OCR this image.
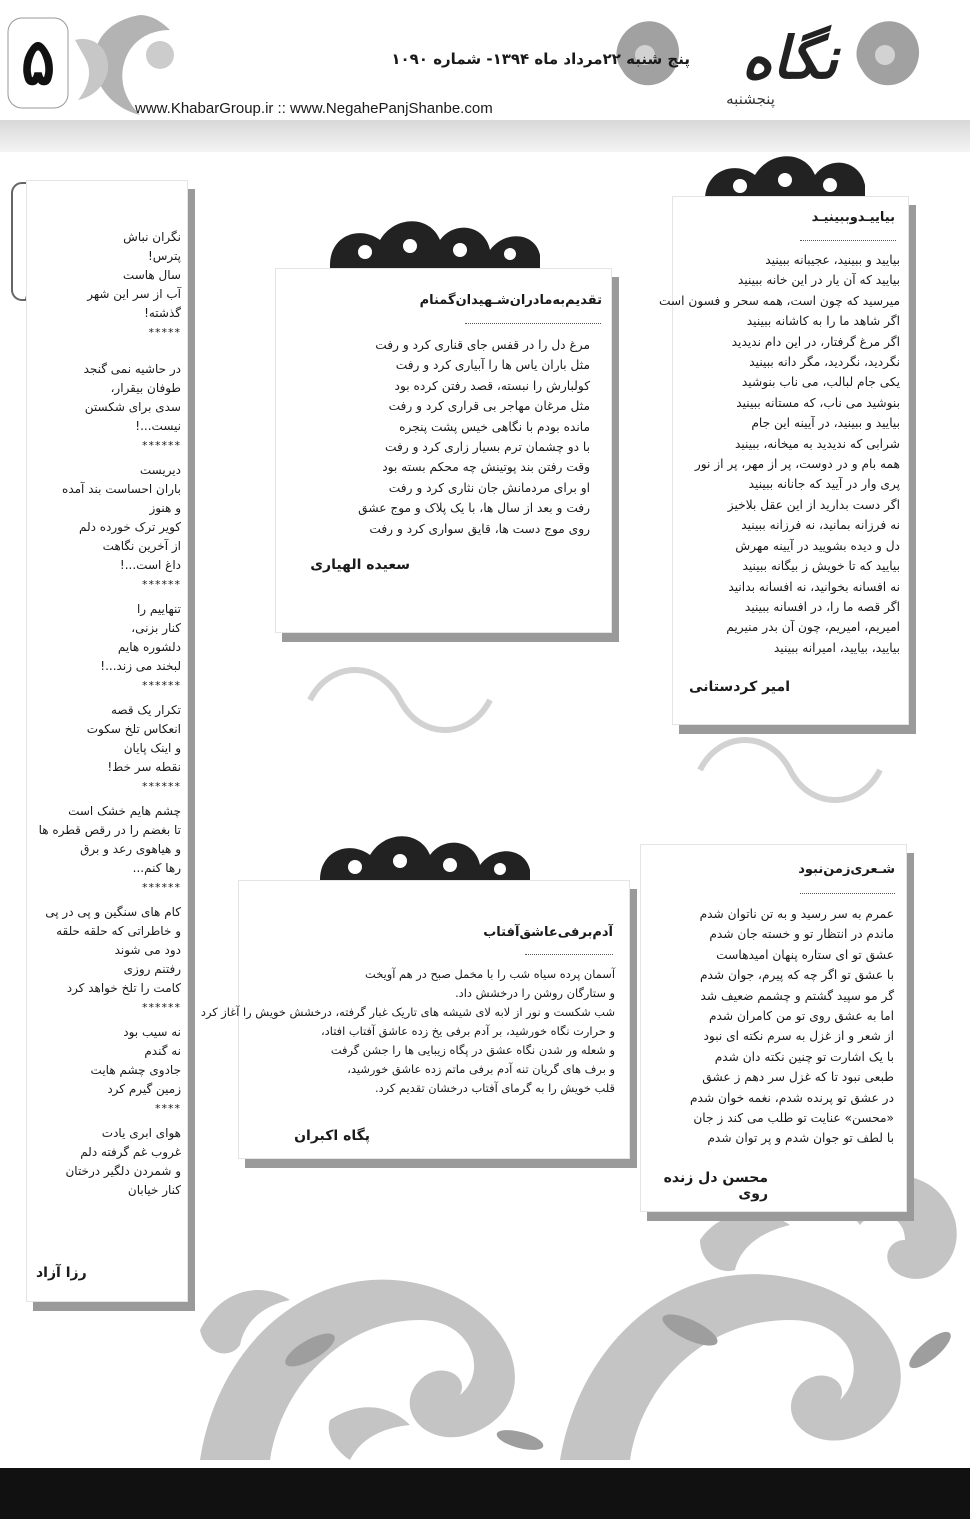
۵	پنج شنبه ۲۲مرداد ماه ۱۳۹۴- شماره ۱۰۹۰
www.KhabarGroup.ir :: www.NegahePanjShanbe.com
نگاه
پنجشنبه
نگران نباش
پترس!
سال هاست
آب از سر این شهر
گذشته!
*****
در حاشیه نمی گنجد
طوفان بیقرار،
سدی برای شکستن
نیست...!
******
دیریست
باران احساست بند آمده
و هنوز
کویر ترک خورده دلم
از آخرین نگاهت
داغ است...!
******
تنهاییم را
کنار بزنی،
دلشوره هایم
لبخند می زند...!
******
تکرار یک قصه
انعکاس تلخ سکوت
و اینک پایان
نقطه سر خط!
******
چشم هایم خشک است
تا بغضم را در رقص قطره ها
و هیاهوی رعد و برق
رها کنم...
******
کام های سنگین و پی در پی
و خاطراتی که حلقه حلقه
دود می شوند
رفتنم روزی
کامت را تلخ خواهد کرد
******
نه سیب بود
نه گندم
جادوی چشم هایت
زمین گیرم کرد
****
هوای ابری یادت
غروب غم گرفته دلم
و شمردن دلگیر درختان
کنار خیابان
رزا آزاد
بیاییـدوببینیـد
بیایید و ببینید، عجیبانه ببینید
بیایید که آن یار در این خانه ببینید
میرسید که چون است، همه سحر و فسون است
اگر شاهد ما را به کاشانه ببینید
اگر مرغ گرفتار، در این دام ندیدید
نگردید، نگردید، مگر دانه ببینید
یکی جام لبالب، می ناب بنوشید
بنوشید می ناب، که مستانه ببینید
بیایید و ببینید، در آیینه این جام
شرابی که ندیدید به میخانه، ببینید
همه بام و در دوست، پر از مهر، پر از نور
پری وار در آیید که جانانه ببینید
اگر دست بدارید از این عقل بلاخیز
نه فرزانه بمانید، نه فرزانه ببینید
دل و دیده بشویید در آیینه مهرش
بیایید که تا خویش ز بیگانه ببینید
نه افسانه بخوانید، نه افسانه بدانید
اگر قصه ما را، در افسانه ببینید
امیریم، امیریم، چون آن بدر منیریم
بیایید، بیایید، امیرانه ببینید
امیر کردستانی
تقدیم‌به‌مادران‌شـهیدان‌گمنام
مرغ دل را در قفس جای قناری کرد و رفت
مثل باران یاس ها را آبیاری کرد و رفت
کولبارش را نبسته، قصد رفتن کرده بود
مثل مرغان مهاجر بی قراری کرد و رفت
مانده بودم با نگاهی خیس پشت پنجره
با دو چشمان ترم بسیار زاری کرد و رفت
وقت رفتن بند پوتینش چه محکم بسته بود
او برای مردمانش جان نثاری کرد و رفت
رفت و بعد از سال ها، با یک پلاک و موج عشق
روی موج دست ها، قایق سواری کرد و رفت
سعیده الهیاری
آدم‌برفی‌عاشق‌آفتاب
آسمان پرده سیاه شب را با مخمل صبح در هم آویخت
و ستارگان روشن را درخشش داد.
شب شکست و نور از لابه لای شیشه های تاریک غبار گرفته، درخشش خویش را آغاز کرد
و حرارت نگاه خورشید، بر آدم برفی یخ زده عاشق آفتاب افتاد،
و شعله ور شدن نگاه عشق در پگاه زیبایی ها را جشن گرفت
و برف های گریان تنه آدم برفی ماتم زده عاشق خورشید،
قلب خویش را به گرمای آفتاب درخشان تقدیم کرد.
پگاه اکبران
شـعری‌زمن‌نبود
عمرم به سر رسید و به تن ناتوان شدم
ماندم در انتظار تو و خسته جان شدم
عشق تو ای ستاره پنهان امیدهاست
با عشق تو اگر چه که پیرم، جوان شدم
گر مو سپید گشتم و چشمم ضعیف شد
اما به عشق روی تو من کامران شدم
از شعر و از غزل به سرم نکته ای نبود
با یک اشارت تو چنین نکته دان شدم
طبعی نبود تا که غزل سر دهم ز عشق
در عشق تو پرنده شدم، نغمه خوان شدم
«محسن» عنایت تو طلب می کند ز جان
با لطف تو جوان شدم و پر توان شدم
محسن دل زنده روی
